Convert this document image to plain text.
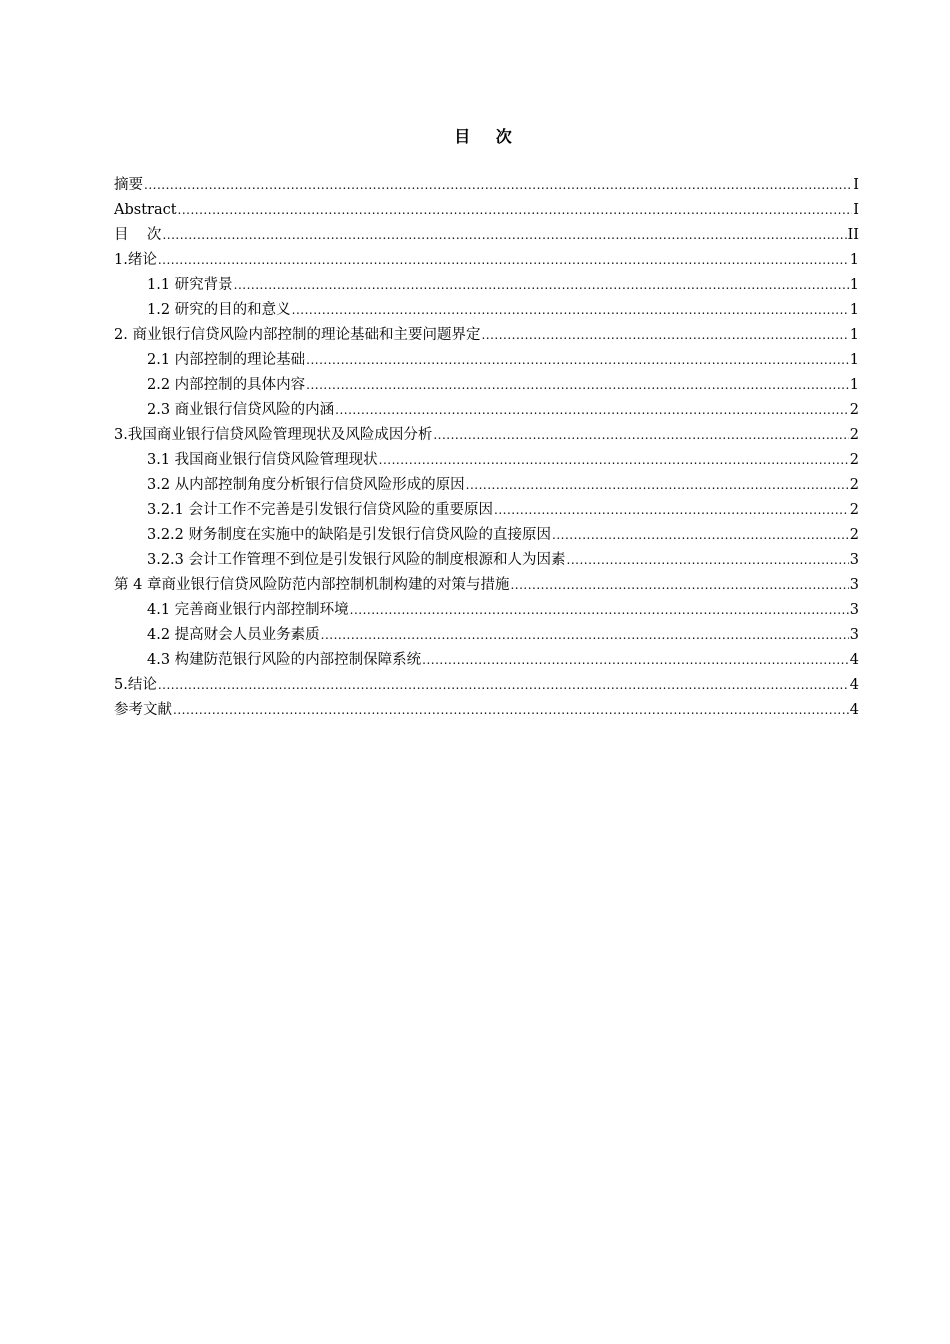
目 次
摘要 .....	I
Abstract .....	I
目    次 .....	II
1.绪论 .....	1
1.1 研究背景 .....	1
1.2 研究的目的和意义 .....	1
2. 商业银行信贷风险内部控制的理论基础和主要问题界定 .....	1
2.1 内部控制的理论基础 .....	1
2.2 内部控制的具体内容 .....	1
2.3 商业银行信贷风险的内涵 .....	2
3.我国商业银行信贷风险管理现状及风险成因分析 .....	2
3.1 我国商业银行信贷风险管理现状 .....	2
3.2 从内部控制角度分析银行信贷风险形成的原因 .....	2
3.2.1 会计工作不完善是引发银行信贷风险的重要原因 .....	2
3.2.2 财务制度在实施中的缺陷是引发银行信贷风险的直接原因 .....	2
3.2.3 会计工作管理不到位是引发银行风险的制度根源和人为因素 .....	3
第 4 章商业银行信贷风险防范内部控制机制构建的对策与措施 .....	3
4.1 完善商业银行内部控制环境 .....	3
4.2 提高财会人员业务素质 .....	3
4.3 构建防范银行风险的内部控制保障系统 .....	4
5.结论 .....	4
参考文献 .....	4
